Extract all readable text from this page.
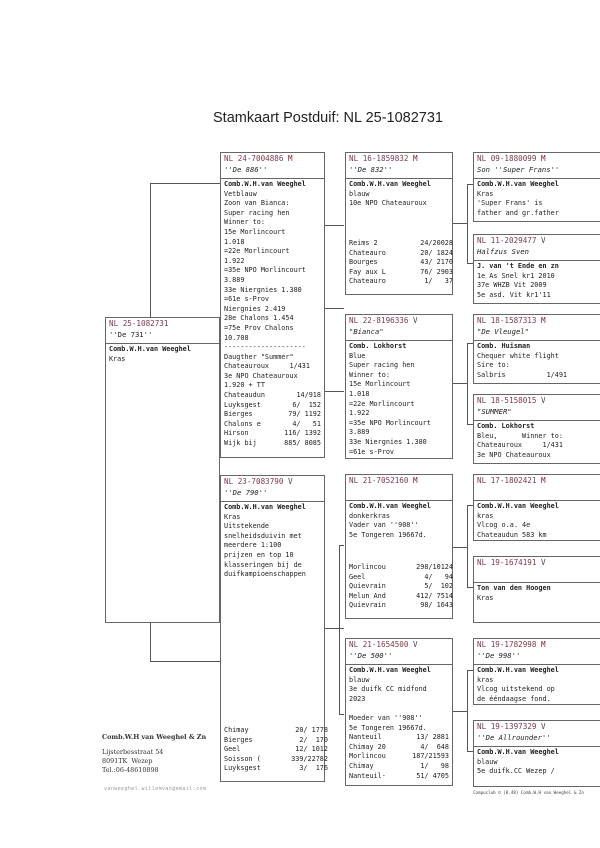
Stamkaart Postduif: NL 25-1082731
NL 25-1082731
''De 731''
Comb.W.H.van Weeghel
Kras
NL 24-7004886 M
''De 886''
Comb.W.H.van Weeghel
Vetblauw
Zoon van Bianca:
Super racing hen
Winner to:
15e Morlincourt
1.018
=22e Morlincourt
1.922
=35e NPO Morlincourt
3.889
33e Niergnies 1.380
=61e s-Prov
Niergnies 2.419
28e Chalons 1.454
=75e Prov Chalons
10.708
--------------------
Daugther "Summer"
Chateauroux     1/431
3e NPO Chateauroux
1.920 + TT
Chateaudun	14/918
Luyksgest	6/  152
Bierges	79/ 1192
Chalons e	4/   51
Hirson	116/ 1392
Wijk bij	885/ 8085
NL 23-7083790 V
''De 790''
Comb.W.H.van Weeghel
Kras
Uitstekende
snelheidsduivin met
meerdere 1:100
prijzen en top 10
klasseringen bij de
duifkampioenschappen
Chimay	20/ 1778
Bierges	2/  170
Geel	12/ 1012
Soisson (	339/22782
Luyksgest	3/  176
NL 16-1859832 M
''De 832''
Comb.W.H.van Weeghel
blauw
10e NPO Chateauroux
Reims 2	24/20028
Chateauro	20/ 1824
Bourges	43/ 2170
Fay aux L	76/ 2903
Chateauro	1/   37
NL 22-8196336 V
"Bianca"
Comb. Lokhorst
Blue
Super racing hen
Winner to:
15e Morlincourt
1.018
=22e Morlincourt
1.922
=35e NPO Morlincourt
3.889
33e Niergnies 1.380
=61e s-Prov
NL 21-7052160 M
Comb.W.H.van Weeghel
donkerkras
Vader van ''908''
5e Tongeren 19667d.
Morlincou	298/10124
Geel	4/   94
Quievrain	5/  102
Melun And	412/ 7514
Quievrain	98/ 1643
NL 21-1654500 V
''De 500''
Comb.W.H.van Weeghel
blauw
3e duifk CC midfond
2023
Moeder van ''908''
5e Tongeren 19667d.
Nanteuil	13/ 2881
Chimay 20	4/  648
Morlincou	187/21593
Chimay	1/   98
Nanteuil-	51/ 4705
NL 09-1880099 M
Son ''Super Frans''
Comb.W.H.van Weeghel
Kras
'Super Frans' is
father and gr.father
NL 11-2029477 V
Halfzus Sven
J. van 't Ende en zn
1e As Snel kr1 2010
37e WHZB Vit 2009
5e asd. Vit kr1'11
NL 18-1587313 M
"De Vleugel"
Comb. Huisman
Chequer white flight
Sire to:
Salbris          1/491
NL 18-5158015 V
"SUMMER"
Comb. Lokhorst
Bleu,      Winner to:
Chateauroux     1/431
3e NPO Chateauroux
NL 17-1802421 M
Comb.W.H.van Weeghel
kras
Vlcog o.a. 4e
Chateaudun 583 km
NL 19-1674191 V
Ton van den Hoogen
Kras
NL 19-1782998 M
''De 998''
Comb.W.H.van Weeghel
kras
Vlcog uitstekend op
de ééndaagse fond.
NL 19-1397329 V
''De Allrounder''
Comb.W.H.van Weeghel
blauw
5e duifk.CC Wezep /
Comb.W.H van Weeghel & Zn
Lijsterbesstraat 54
8091TK  Wezep
Tel.:06-48610898
vanweeghel.willemvan@email.com
Compuclub © (8.48) Comb.W.H van Weeghel & Zn
